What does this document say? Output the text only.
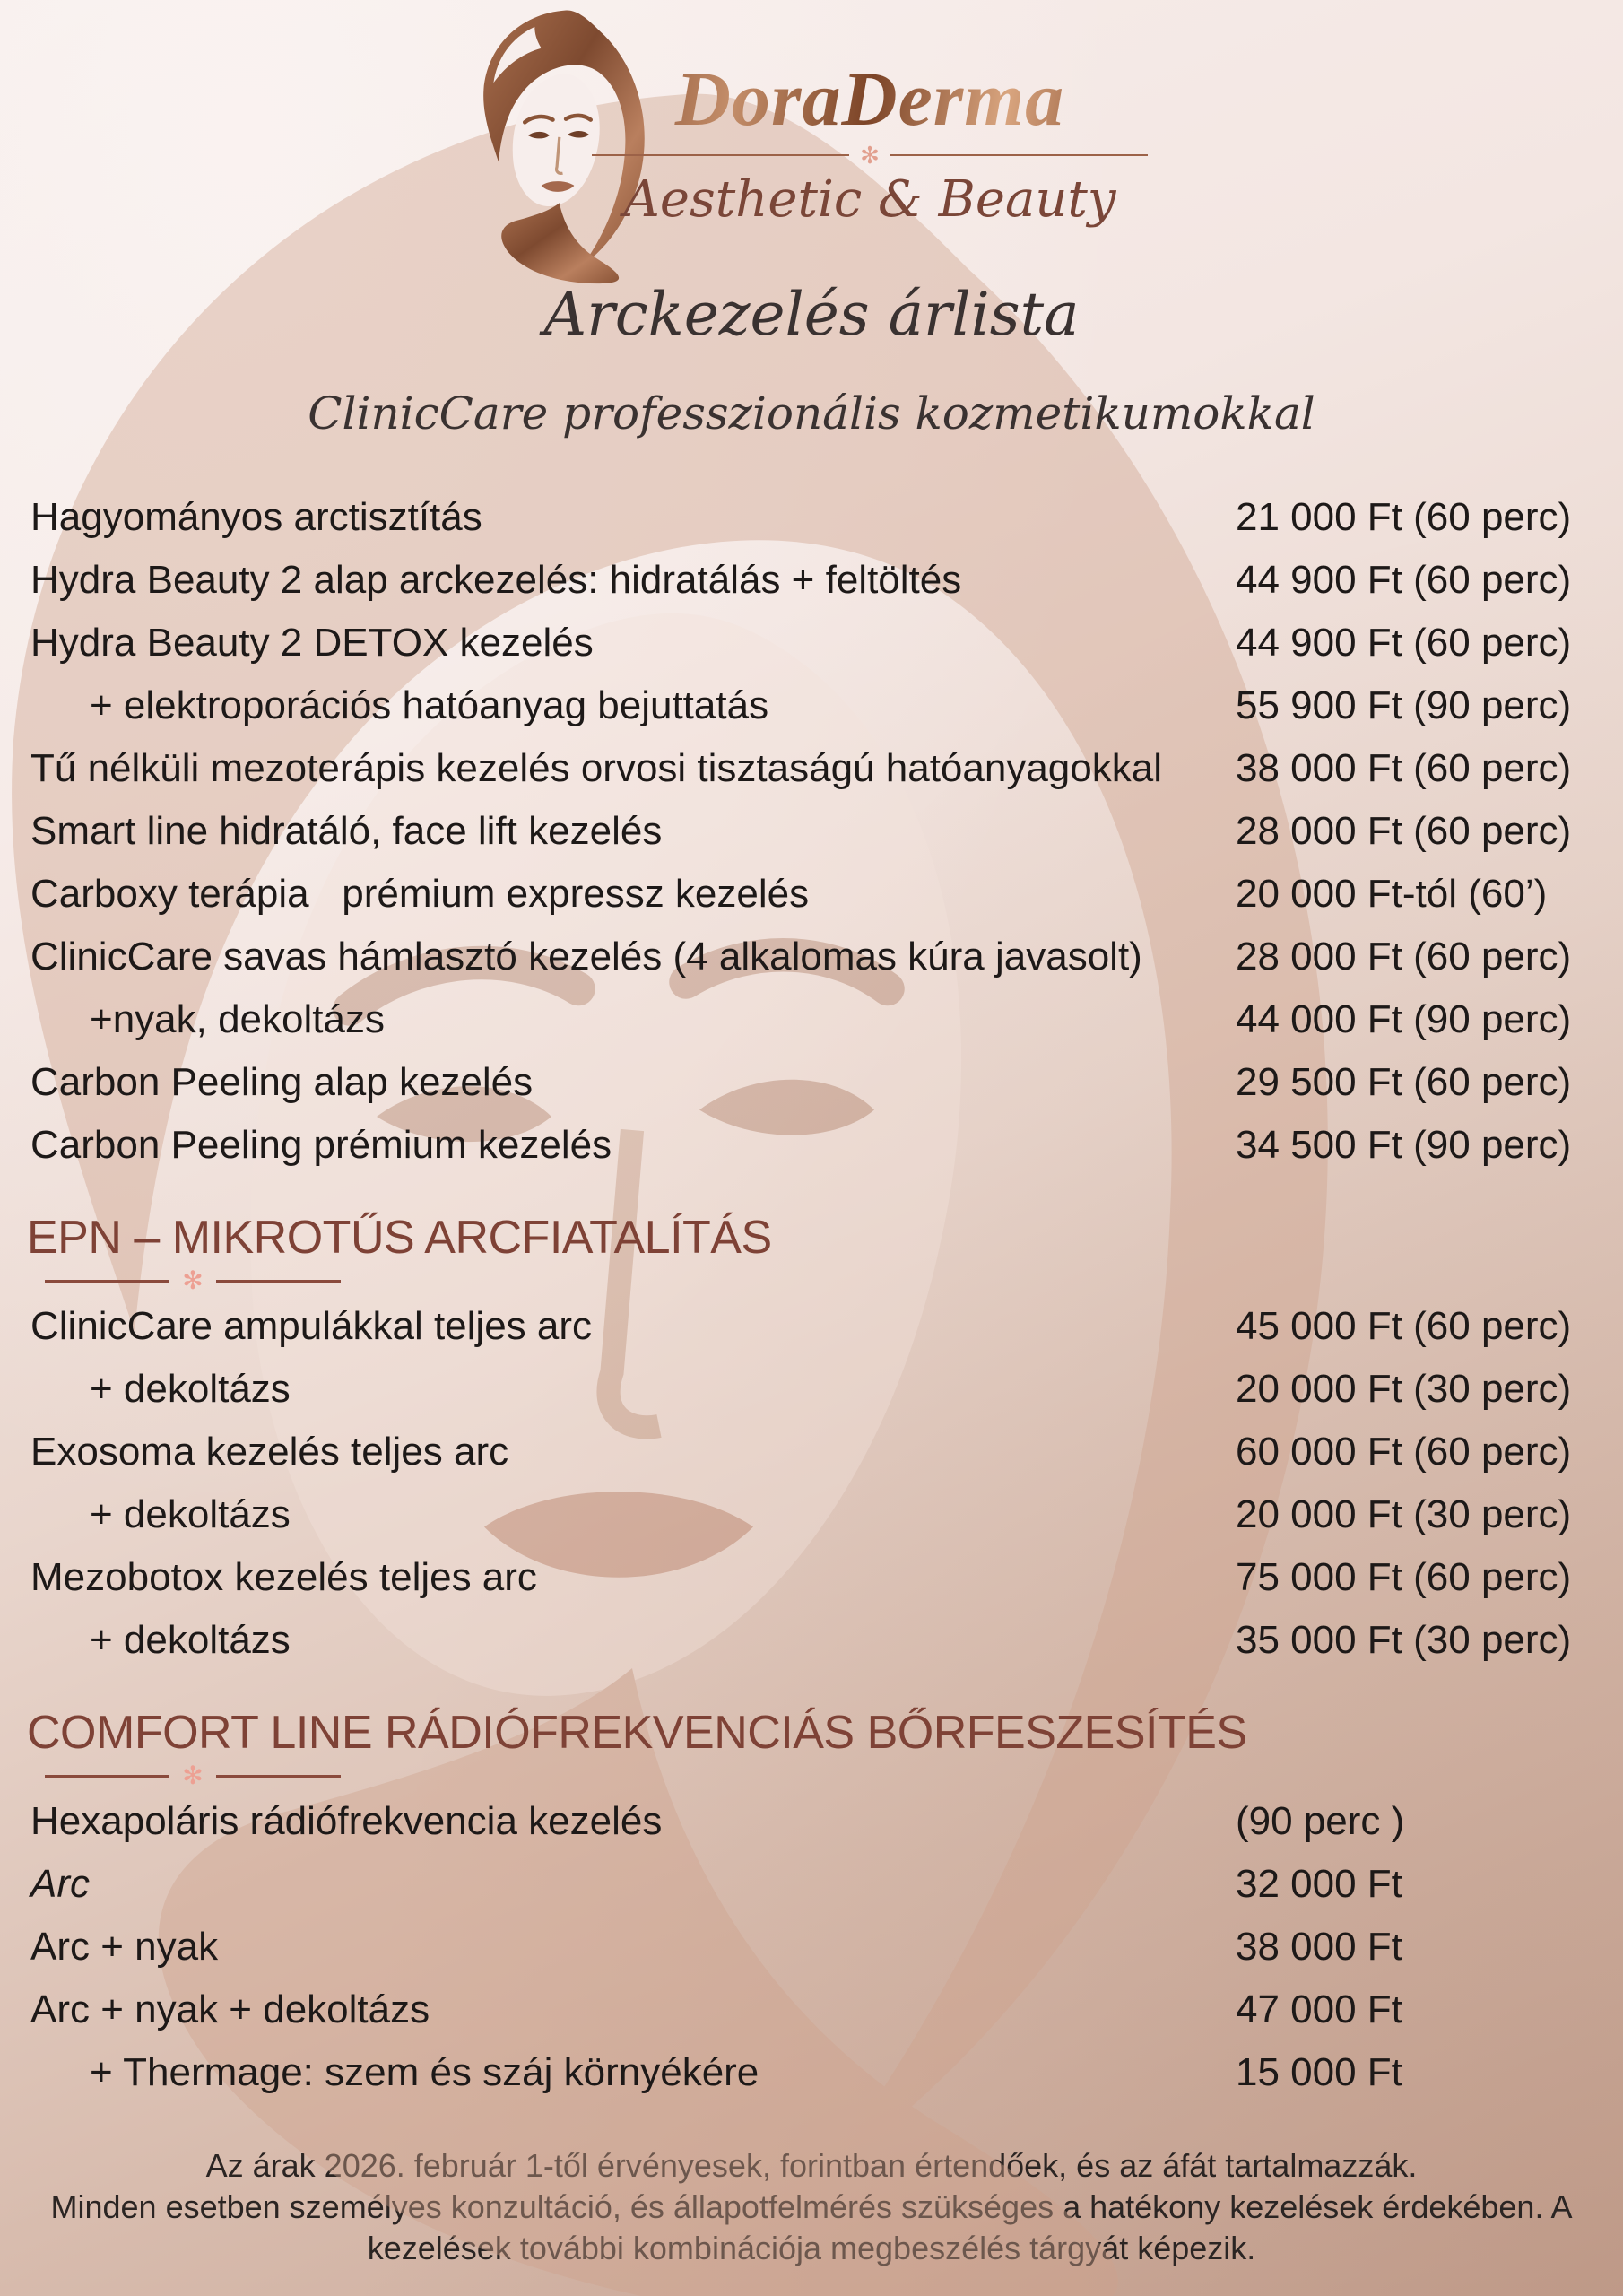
DoraDerma
✻
Aesthetic & Beauty
Arckezelés árlista
ClinicCare professzionális kozmetikumokkal
Hagyományos arctisztítás	21 000 Ft (60 perc)
Hydra Beauty 2 alap arckezelés: hidratálás + feltöltés	44 900 Ft (60 perc)
Hydra Beauty 2 DETOX kezelés	44 900 Ft (60 perc)
+ elektroporációs hatóanyag bejuttatás	55 900 Ft (90 perc)
Tű nélküli mezoterápis kezelés orvosi tisztaságú hatóanyagokkal	38 000 Ft (60 perc)
Smart line hidratáló, face lift kezelés	28 000 Ft (60 perc)
Carboxy terápia   prémium expressz kezelés	20 000 Ft-tól (60’)
ClinicCare savas hámlasztó kezelés (4 alkalomas kúra javasolt)	28 000 Ft (60 perc)
+nyak, dekoltázs	44 000 Ft (90 perc)
Carbon Peeling alap kezelés	29 500 Ft (60 perc)
Carbon Peeling prémium kezelés	34 500 Ft (90 perc)
EPN – MIKROTŰS ARCFIATALÍTÁS
✻
ClinicCare ampulákkal teljes arc	45 000 Ft (60 perc)
+ dekoltázs	20 000 Ft (30 perc)
Exosoma kezelés teljes arc	60 000 Ft (60 perc)
+ dekoltázs	20 000 Ft (30 perc)
Mezobotox kezelés teljes arc	75 000 Ft (60 perc)
+ dekoltázs	35 000 Ft (30 perc)
COMFORT LINE RÁDIÓFREKVENCIÁS BŐRFESZESÍTÉS
✻
Hexapoláris rádiófrekvencia kezelés	(90 perc )
Arc	32 000 Ft
Arc + nyak	38 000 Ft
Arc + nyak + dekoltázs	47 000 Ft
+ Thermage: szem és száj környékére	15 000 Ft
Az árak 2026. február 1-től érvényesek, forintban értendőek, és az áfát tartalmazzák.
Minden esetben személyes konzultáció, és állapotfelmérés szükséges a hatékony kezelések érdekében. A
kezelések további kombinációja megbeszélés tárgyát képezik.
